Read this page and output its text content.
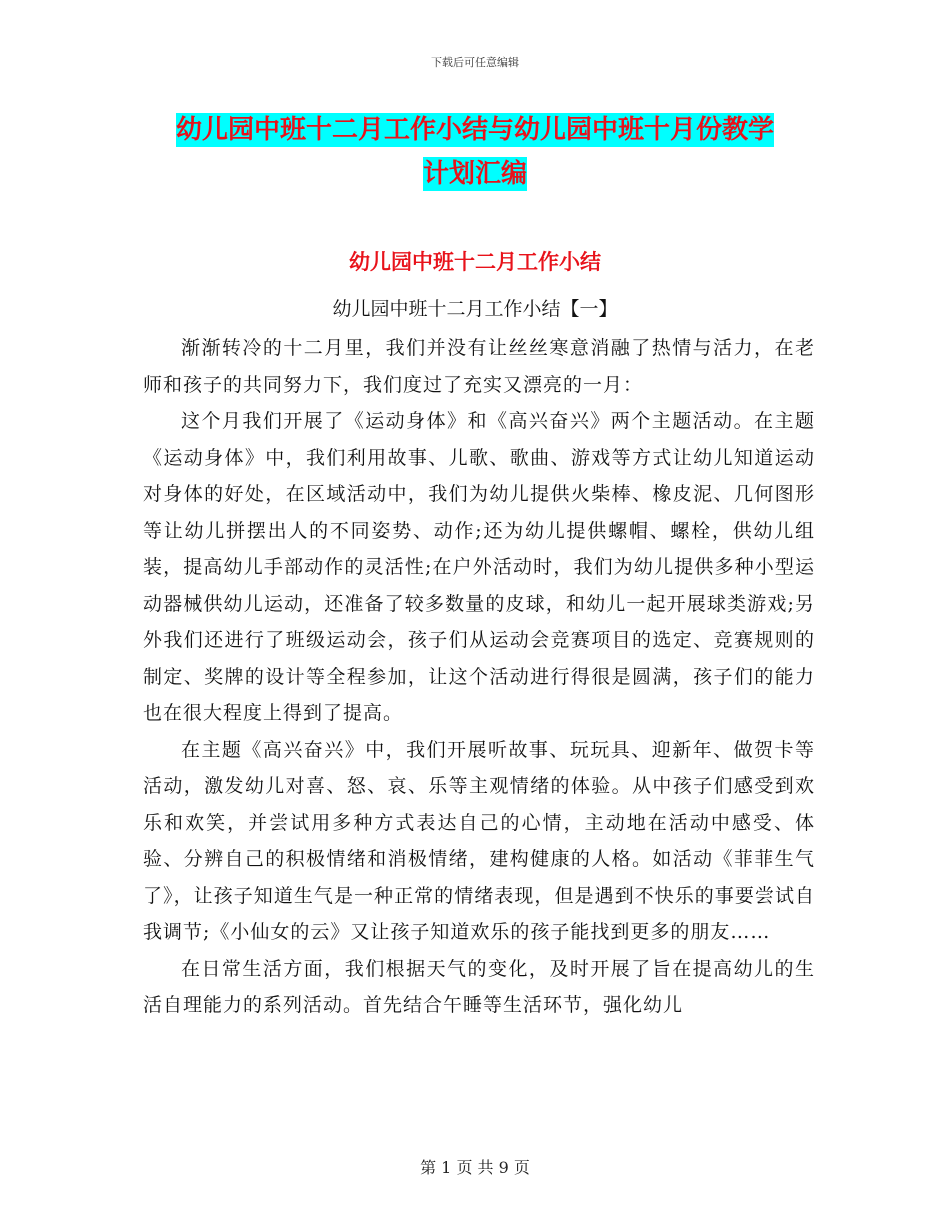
下载后可任意编辑
幼儿园中班十二月工作小结与幼儿园中班十月份教学
计划汇编
幼儿园中班十二月工作小结
幼儿园中班十二月工作小结【一】

渐渐转冷的十二月里，我们并没有让丝丝寒意消融了热情与活力，在老师和孩子的共同努力下，我们度过了充实又漂亮的一月：

这个月我们开展了《运动身体》和《高兴奋兴》两个主题活动。在主题《运动身体》中，我们利用故事、儿歌、歌曲、游戏等方式让幼儿知道运动对身体的好处，在区域活动中，我们为幼儿提供火柴棒、橡皮泥、几何图形等让幼儿拼摆出人的不同姿势、动作;还为幼儿提供螺帽、螺栓，供幼儿组装，提高幼儿手部动作的灵活性;在户外活动时，我们为幼儿提供多种小型运动器械供幼儿运动，还准备了较多数量的皮球，和幼儿一起开展球类游戏;另外我们还进行了班级运动会，孩子们从运动会竞赛项目的选定、竞赛规则的制定、奖牌的设计等全程参加，让这个活动进行得很是圆满，孩子们的能力也在很大程度上得到了提高。

在主题《高兴奋兴》中，我们开展听故事、玩玩具、迎新年、做贺卡等活动，激发幼儿对喜、怒、哀、乐等主观情绪的体验。从中孩子们感受到欢乐和欢笑，并尝试用多种方式表达自己的心情，主动地在活动中感受、体验、分辨自己的积极情绪和消极情绪，建构健康的人格。如活动《菲菲生气了》，让孩子知道生气是一种正常的情绪表现，但是遇到不快乐的事要尝试自我调节;《小仙女的云》又让孩子知道欢乐的孩子能找到更多的朋友……

在日常生活方面，我们根据天气的变化，及时开展了旨在提高幼儿的生活自理能力的系列活动。首先结合午睡等生活环节，强化幼儿

第 1 页 共 9 页
